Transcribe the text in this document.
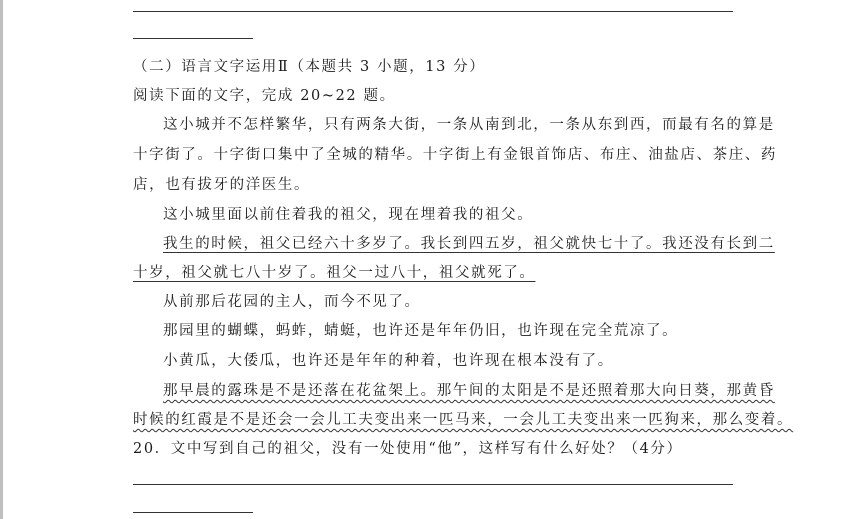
（二）语言文字运用Ⅱ（本题共 3 小题，13 分）
阅读下面的文字，完成 20~22 题。
这小城并不怎样繁华，只有两条大街，一条从南到北，一条从东到西，而最有名的算是
十字街了。十字街口集中了全城的精华。十字街上有金银首饰店、布庄、油盐店、茶庄、药
店，也有拔牙的洋医生。
这小城里面以前住着我的祖父，现在埋着我的祖父。
我生的时候，祖父已经六十多岁了。我长到四五岁，祖父就快七十了。我还没有长到二
十岁，祖父就七八十岁了。祖父一过八十，祖父就死了。
从前那后花园的主人，而今不见了。
那园里的蝴蝶，蚂蚱，蜻蜓，也许还是年年仍旧，也许现在完全荒凉了。
小黄瓜，大倭瓜，也许还是年年的种着，也许现在根本没有了。
那早晨的露珠是不是还落在花盆架上。那午间的太阳是不是还照着那大向日葵，那黄昏
时候的红霞是不是还会一会儿工夫变出来一匹马来，一会儿工夫变出来一匹狗来，那么变着。
20．文中写到自己的祖父，没有一处使用“他”，这样写有什么好处？（4分）
